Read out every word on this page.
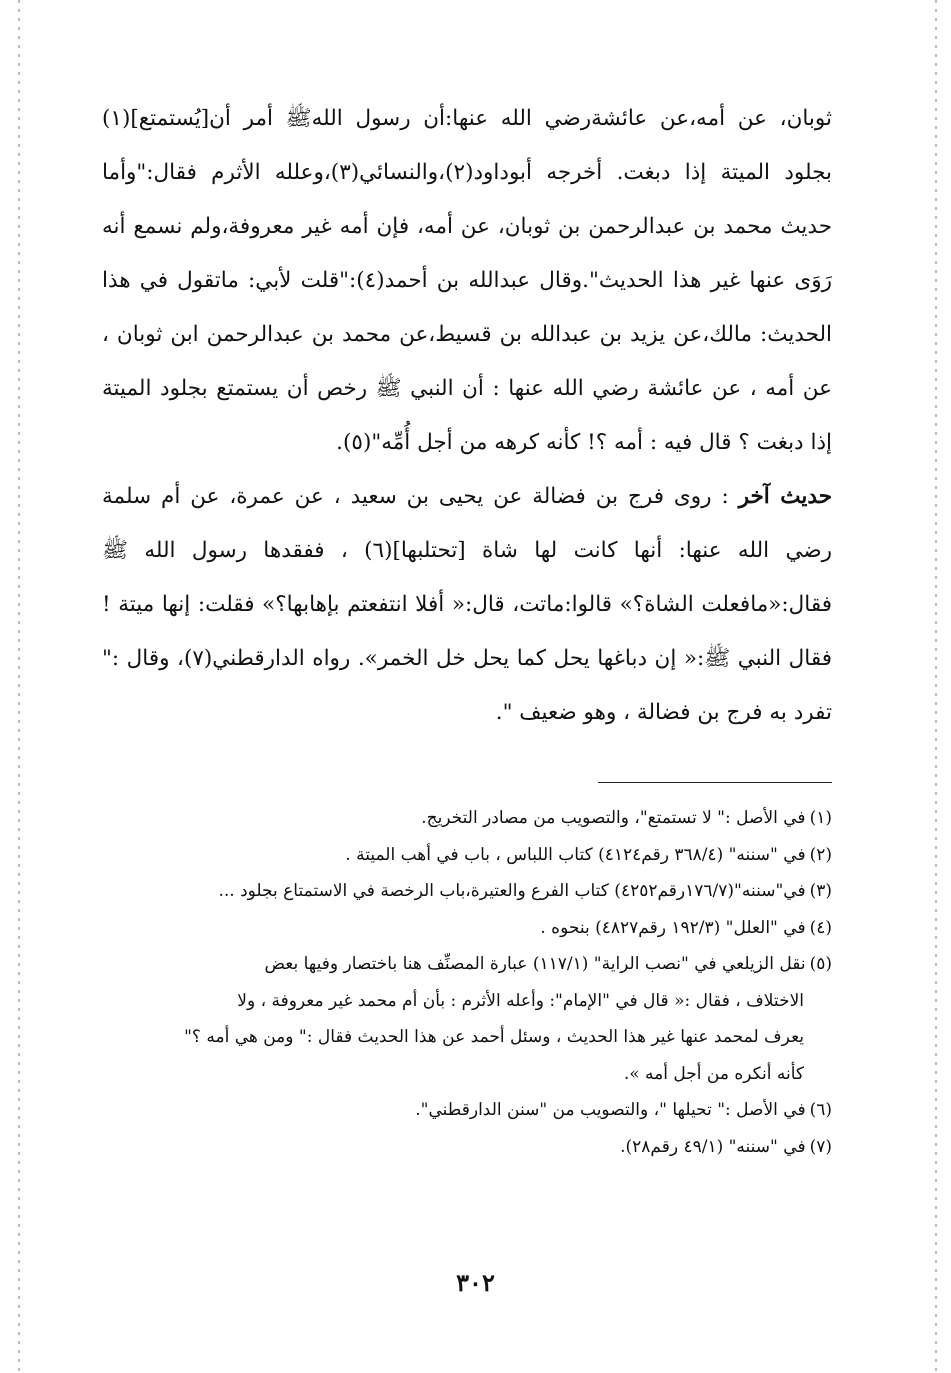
ثوبان، عن أمه،عن عائشةرضي الله عنها:أن رسول اللهﷺ أمر أن[يُستمتع](١) بجلود الميتة إذا دبغت. أخرجه أبوداود(٢)،والنسائي(٣)،وعلله الأثرم فقال:"وأما حديث محمد بن عبدالرحمن بن ثوبان، عن أمه، فإن أمه غير معروفة،ولم نسمع أنه رَوَى عنها غير هذا الحديث".وقال عبدالله بن أحمد(٤):"قلت لأبي: ماتقول في هذا الحديث: مالك،عن يزيد بن عبدالله بن قسيط،عن محمد بن عبدالرحمن ابن ثوبان ، عن أمه ، عن عائشة رضي الله عنها : أن النبي ﷺ رخص أن يستمتع بجلود الميتة إذا دبغت ؟ قال فيه : أمه ؟! كأنه كرهه من أجل أُمِّه"(٥).

حديث آخر : روى فرج بن فضالة عن يحيى بن سعيد ، عن عمرة، عن أم سلمة رضي الله عنها: أنها كانت لها شاة [تحتلبها](٦) ، ففقدها رسول الله ﷺ فقال:«مافعلت الشاة؟» قالوا:ماتت، قال:« أفلا انتفعتم بإهابها؟» فقلت: إنها ميتة ! فقال النبي ﷺ:« إن دباغها يحل كما يحل خل الخمر». رواه الدارقطني(٧)، وقال :" تفرد به فرج بن فضالة ، وهو ضعيف ".

(١)في الأصل :" لا تستمتع"، والتصويب من مصادر التخريج.

(٢)في "سننه" (٣٦٨/٤ رقم٤١٢٤) كتاب اللباس ، باب في أهب الميتة .

(٣)في"سننه"(١٧٦/٧رقم٤٢٥٢) كتاب الفرع والعتيرة،باب الرخصة في الاستمتاع بجلود ...

(٤)في "العلل" (١٩٢/٣ رقم٤٨٢٧) بنحوه .

(٥)نقل الزيلعي في "نصب الراية" (١١٧/١) عبارة المصنِّف هنا باختصار وفيها بعض

الاختلاف ، فقال :« قال في "الإمام": وأعله الأثرم : بأن أم محمد غير معروفة ، ولا

يعرف لمحمد عنها غير هذا الحديث ، وسئل أحمد عن هذا الحديث فقال :" ومن هي أمه ؟"

كأنه أنكره من أجل أمه ».

(٦)في الأصل :" تحيلها "، والتصويب من "سنن الدارقطني".

(٧)في "سننه" (٤٩/١ رقم٢٨).

٣٠٢
